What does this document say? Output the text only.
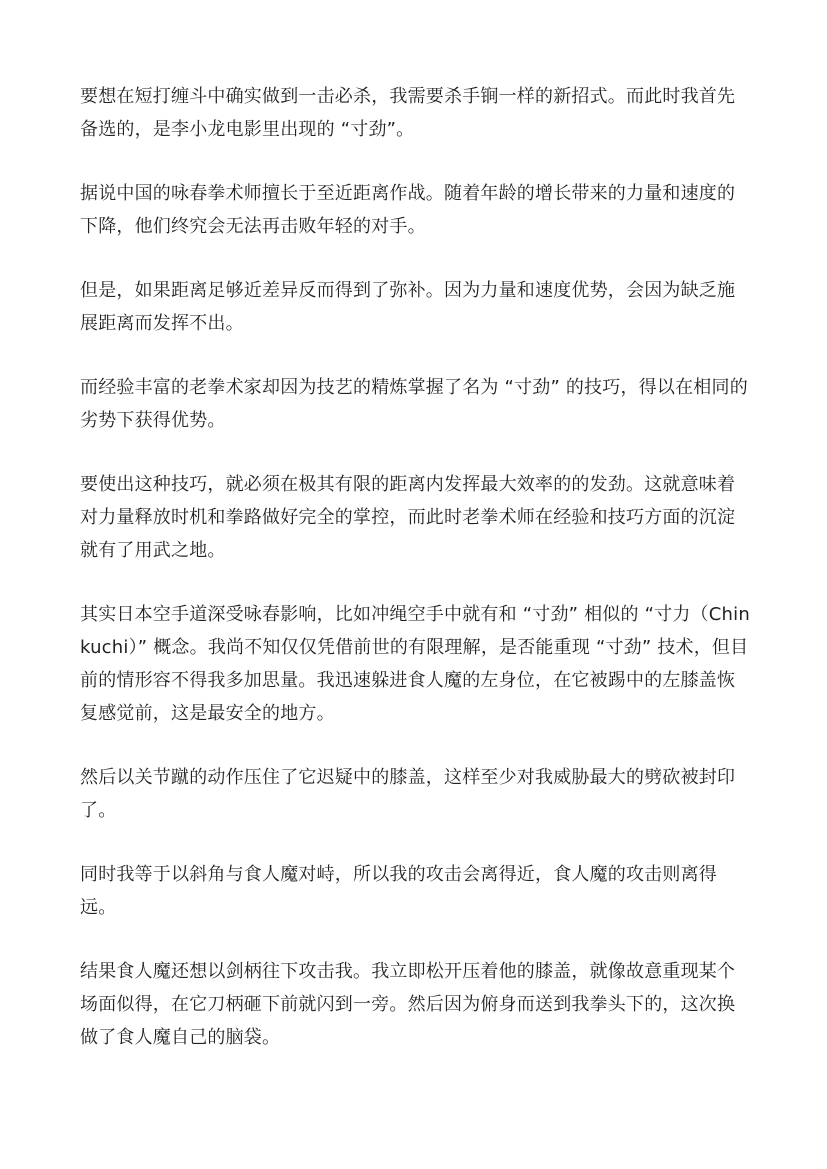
要想在短打缠斗中确实做到一击必杀，我需要杀手锏一样的新招式。而此时我首先备选的，是李小龙电影里出现的 “寸劲”。

据说中国的咏春拳术师擅长于至近距离作战。随着年龄的增长带来的力量和速度的下降，他们终究会无法再击败年轻的对手。

但是，如果距离足够近差异反而得到了弥补。因为力量和速度优势，会因为缺乏施展距离而发挥不出。

而经验丰富的老拳术家却因为技艺的精炼掌握了名为 “寸劲” 的技巧，得以在相同的劣势下获得优势。

要使出这种技巧，就必须在极其有限的距离内发挥最大效率的的发劲。这就意味着对力量释放时机和拳路做好完全的掌控，而此时老拳术师在经验和技巧方面的沉淀就有了用武之地。

其实日本空手道深受咏春影响，比如冲绳空手中就有和 “寸劲” 相似的 “寸力（Chinkuchi）” 概念。我尚不知仅仅凭借前世的有限理解，是否能重现 “寸劲” 技术，但目前的情形容不得我多加思量。我迅速躲进食人魔的左身位，在它被踢中的左膝盖恢复感觉前，这是最安全的地方。

然后以关节蹴的动作压住了它迟疑中的膝盖，这样至少对我威胁最大的劈砍被封印了。

同时我等于以斜角与食人魔对峙，所以我的攻击会离得近，食人魔的攻击则离得远。

结果食人魔还想以剑柄往下攻击我。我立即松开压着他的膝盖，就像故意重现某个场面似得，在它刀柄砸下前就闪到一旁。然后因为俯身而送到我拳头下的，这次换做了食人魔自己的脑袋。
